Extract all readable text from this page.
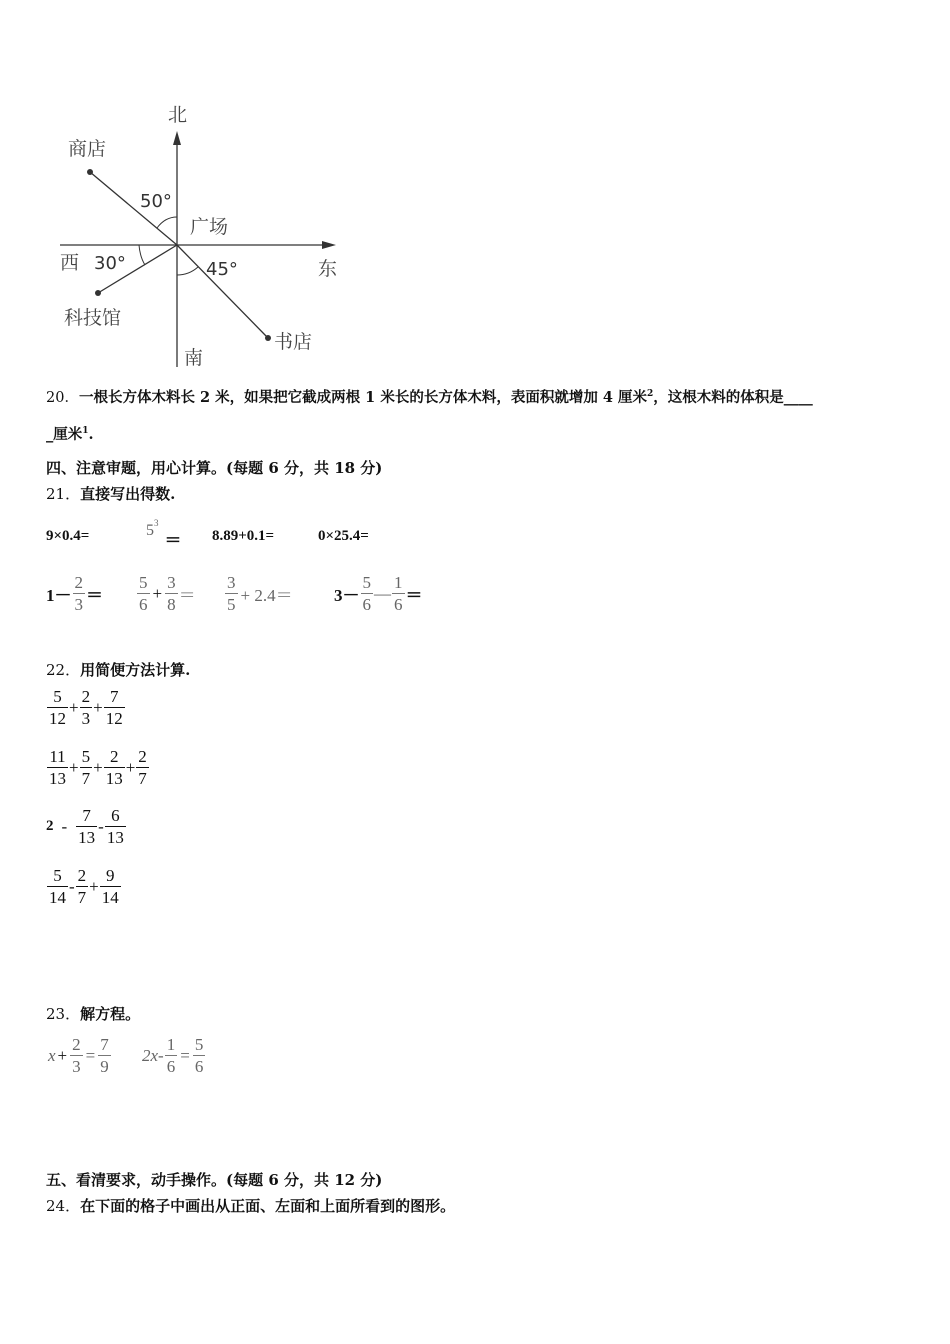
北
商店
50°
广场
西 30°	45°	东
科技馆
书店
南
20．一根长方体木料长 2 米，如果把它截成两根 1 米长的长方体木料，表面积就增加 4 厘米$^2$，这根木料的体积是____
_厘米$^1$.
四、注意审题，用心计算。(每题 6 分，共 18 分)
21．直接写出得数.
9×0.4=	$5^3 = 8.89+0.1=$	0×25.4=
$1- \frac{2}{3} = \frac{5}{6} + \frac{3}{8} = \frac{3}{5} + 2.4= 3- \frac{5}{6}$ — $\frac{1}{6}$ ＝
22．用简便方法计算.
$\frac{5}{12} + \frac{2}{3} + \frac{7}{12}$
$\frac{11}{13} + \frac{5}{7} + \frac{2}{13} + \frac{2}{7}$
$2 - \frac{7}{13} - \frac{6}{13}$
$\frac{5}{14} - \frac{2}{7} + \frac{9}{14}$
23．解方程。
$x + \frac{2}{3} = \frac{7}{9} 2x- \frac{1}{6} = \frac{5}{6}$
五、看清要求，动手操作。(每题 6 分，共 12 分)
24．在下面的格子中画出从正面、左面和上面所看到的图形。
